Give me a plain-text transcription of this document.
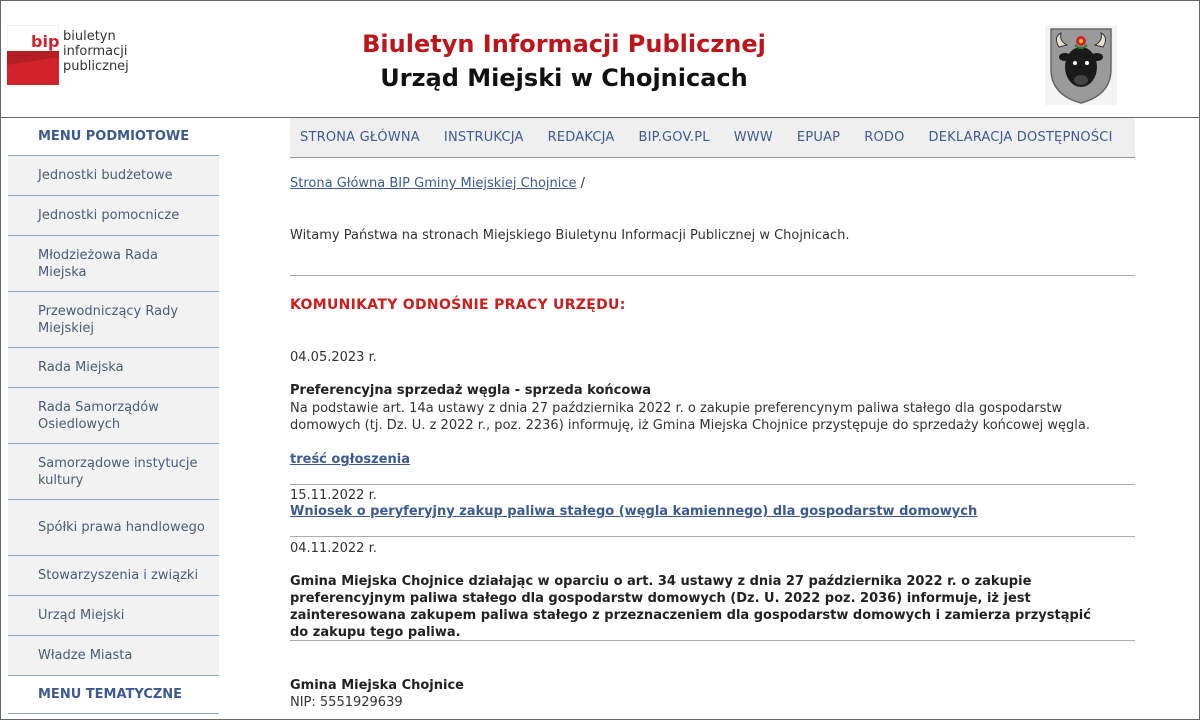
bip biuletyn
informacji publicznej
Biuletyn Informacji Publicznej
Urząd Miejski w Chojnicach
MENU PODMIOTOWE
Jednostki budżetowe
Jednostki pomocnicze
Młodzieżowa Rada Miejska
Przewodniczący Rady Miejskiej
Rada Miejska
Rada Samorządów Osiedlowych
Samorządowe instytucje kultury
Spółki prawa handlowego
Stowarzyszenia i związki
Urząd Miejski
Władze Miasta
MENU TEMATYCZNE
STRONA GŁÓWNA INSTRUKCJA REDAKCJA BIP.GOV.PL WWW EPUAP RODO DEKLARACJA DOSTĘPNOŚCI
Strona Główna BIP Gminy Miejskiej Chojnice /
Witamy Państwa na stronach Miejskiego Biuletynu Informacji Publicznej w Chojnicach.
KOMUNIKATY ODNOŚNIE PRACY URZĘDU:
04.05.2023 r.
Preferencyjna sprzedaż węgla - sprzeda końcowa
Na podstawie art. 14a ustawy z dnia 27 października 2022 r. o zakupie preferencynym paliwa stałego dla gospodarstw domowych (tj. Dz. U. z 2022 r., poz. 2236) informuję, iż Gmina Miejska Chojnice przystępuje do sprzedaży końcowej węgla.
treść ogłoszenia
15.11.2022 r.
Wniosek o peryferyjny zakup paliwa stałego (węgla kamiennego) dla gospodarstw domowych
04.11.2022 r.
Gmina Miejska Chojnice działając w oparciu o art. 34 ustawy z dnia 27 października 2022 r. o zakupie preferencyjnym paliwa stałego dla gospodarstw domowych (Dz. U. 2022 poz. 2036) informuje, iż jest zainteresowana zakupem paliwa stałego z przeznaczeniem dla gospodarstw domowych i zamierza przystąpić do zakupu tego paliwa.
Gmina Miejska Chojnice
NIP: 5551929639
